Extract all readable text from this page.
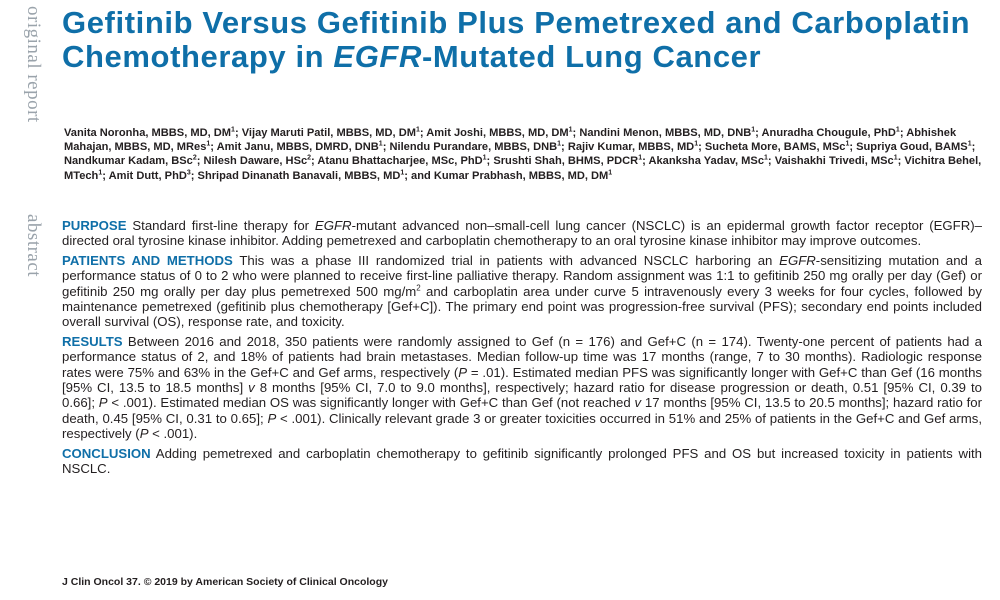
original report
abstract
Gefitinib Versus Gefitinib Plus Pemetrexed and Carboplatin Chemotherapy in EGFR-Mutated Lung Cancer

Vanita Noronha, MBBS, MD, $DM^1$; Vijay Maruti Patil, MBBS, MD, $DM^1$; Amit Joshi, MBBS, MD, $DM^1$; Nandini Menon, MBBS, MD, DNB$^1$; Anuradha Chougule, PhD$^1$; Abhishek Mahajan, MBBS, MD, MRes$^1$; Amit Janu, MBBS, DMRD, DNB$^1$; Nilendu Purandare, MBBS, DNB$^1$; Rajiv Kumar, MBBS, $MD^1$; Sucheta More, BAMS, MSc$^1$; Supriya Goud, BAMS$^1$; Nandkumar Kadam, BSc$^2$; Nilesh Daware, HSc$^2$; Atanu Bhattacharjee, MSc, PhD$^1$; Srushti Shah, BHMS, PDCR$^1$; Akanksha Yadav, MSc$^1$; Vaishakhi Trivedi, MSc$^1$; Vichitra Behel, MTech$^1$; Amit Dutt, PhD$^3$; Shripad Dinanath Banavali, MBBS, $MD^1$; and Kumar Prabhash, MBBS, MD, $DM^1$

PURPOSE Standard first-line therapy for EGFR-mutant advanced non–small-cell lung cancer (NSCLC) is an epidermal growth factor receptor (EGFR)–directed oral tyrosine kinase inhibitor. Adding pemetrexed and carboplatin chemotherapy to an oral tyrosine kinase inhibitor may improve outcomes.

PATIENTS AND METHODS This was a phase III randomized trial in patients with advanced NSCLC harboring an EGFR-sensitizing mutation and a performance status of 0 to 2 who were planned to receive first-line palliative therapy. Random assignment was 1:1 to gefitinib 250 mg orally per day (Gef) or gefitinib 250 mg orally per day plus pemetrexed 500 $mg/m^2$ and carboplatin area under curve 5 intravenously every 3 weeks for four cycles, followed by maintenance pemetrexed (gefitinib plus chemotherapy [Gef+C]). The primary end point was progression-free survival (PFS); secondary end points included overall survival (OS), response rate, and toxicity.

RESULTS Between 2016 and 2018, 350 patients were randomly assigned to Gef (n = 176) and Gef+C (n = 174). Twenty-one percent of patients had a performance status of 2, and 18% of patients had brain metastases. Median follow-up time was 17 months (range, 7 to 30 months). Radiologic response rates were 75% and 63% in the Gef+C and Gef arms, respectively (P = .01). Estimated median PFS was significantly longer with Gef+C than Gef (16 months [95% CI, 13.5 to 18.5 months] v 8 months [95% CI, 7.0 to 9.0 months], respectively; hazard ratio for disease progression or death, 0.51 [95% CI, 0.39 to 0.66]; P < .001). Estimated median OS was significantly longer with Gef+C than Gef (not reached v 17 months [95% CI, 13.5 to 20.5 months]; hazard ratio for death, 0.45 [95% CI, 0.31 to 0.65]; P < .001). Clinically relevant grade 3 or greater toxicities occurred in 51% and 25% of patients in the Gef+C and Gef arms, respectively (P < .001).

CONCLUSION Adding pemetrexed and carboplatin chemotherapy to gefitinib significantly prolonged PFS and OS but increased toxicity in patients with NSCLC.

J Clin Oncol 37. © 2019 by American Society of Clinical Oncology
